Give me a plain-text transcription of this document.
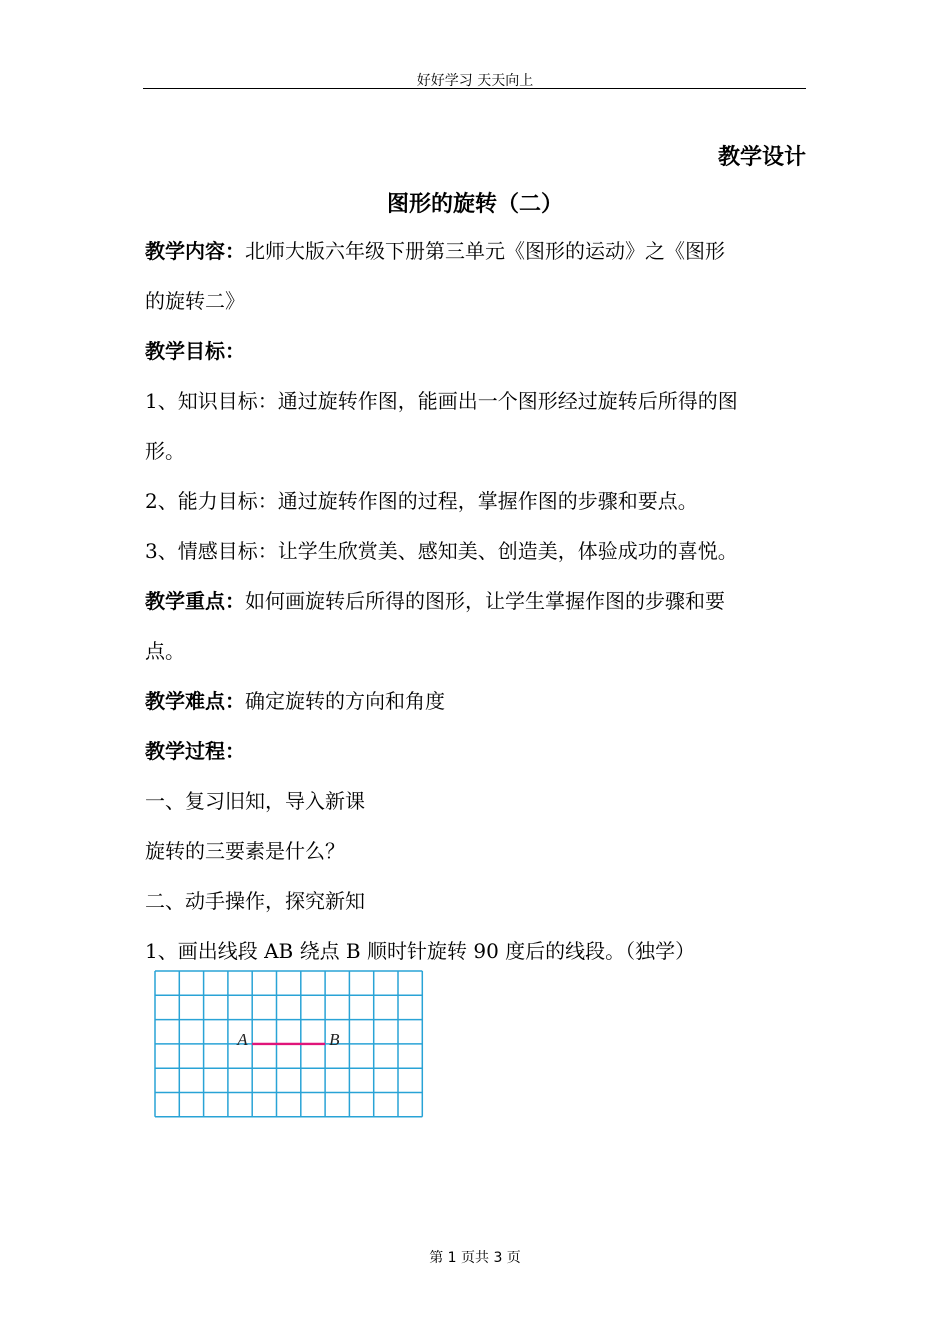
好好学习 天天向上
教学设计
图形的旋转（二）
教学内容：北师大版六年级下册第三单元《图形的运动》之《图形
的旋转二》
教学目标：
1、知识目标：通过旋转作图，能画出一个图形经过旋转后所得的图
形。
2、能力目标：通过旋转作图的过程，掌握作图的步骤和要点。
3、情感目标：让学生欣赏美、感知美、创造美，体验成功的喜悦。
教学重点：如何画旋转后所得的图形，让学生掌握作图的步骤和要
点。
教学难点：确定旋转的方向和角度
教学过程：
一、复习旧知，导入新课
旋转的三要素是什么？
二、动手操作，探究新知
1、画出线段 AB 绕点 B 顺时针旋转 90 度后的线段。（独学）
A	B
第 1 页共 3 页
